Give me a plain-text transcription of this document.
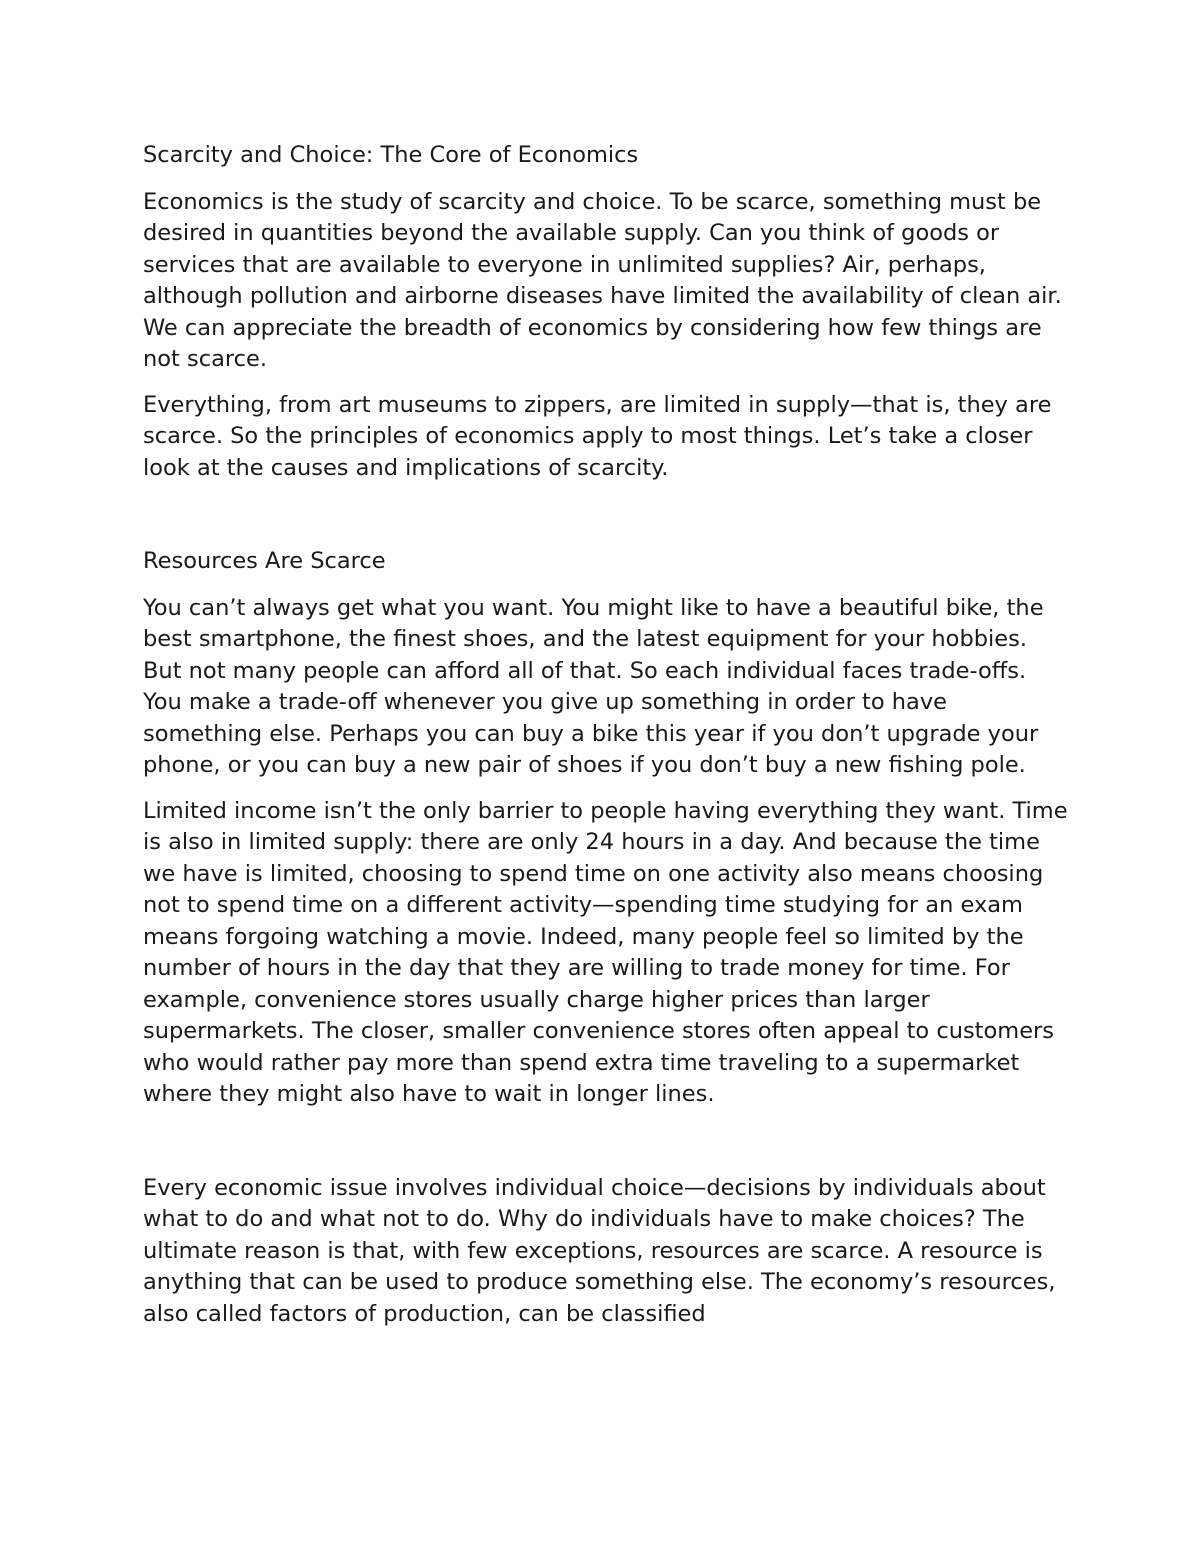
Scarcity and Choice: The Core of Economics

Economics is the study of scarcity and choice. To be scarce, something must be desired in quantities beyond the available supply. Can you think of goods or services that are available to everyone in unlimited supplies? Air, perhaps, although pollution and airborne diseases have limited the availability of clean air. We can appreciate the breadth of economics by considering how few things are not scarce.

Everything, from art museums to zippers, are limited in supply—that is, they are scarce. So the principles of economics apply to most things. Let’s take a closer look at the causes and implications of scarcity.

Resources Are Scarce

You can’t always get what you want. You might like to have a beautiful bike, the best smartphone, the finest shoes, and the latest equipment for your hobbies. But not many people can afford all of that. So each individual faces trade-offs. You make a trade-off whenever you give up something in order to have something else. Perhaps you can buy a bike this year if you don’t upgrade your phone, or you can buy a new pair of shoes if you don’t buy a new fishing pole.

Limited income isn’t the only barrier to people having everything they want. Time is also in limited supply: there are only 24 hours in a day. And because the time we have is limited, choosing to spend time on one activity also means choosing not to spend time on a different activity—spending time studying for an exam means forgoing watching a movie. Indeed, many people feel so limited by the number of hours in the day that they are willing to trade money for time. For example, convenience stores usually charge higher prices than larger supermarkets. The closer, smaller convenience stores often appeal to customers who would rather pay more than spend extra time traveling to a supermarket where they might also have to wait in longer lines.

Every economic issue involves individual choice—decisions by individuals about what to do and what not to do. Why do individuals have to make choices? The ultimate reason is that, with few exceptions, resources are scarce. A resource is anything that can be used to produce something else. The economy’s resources, also called factors of production, can be classified
